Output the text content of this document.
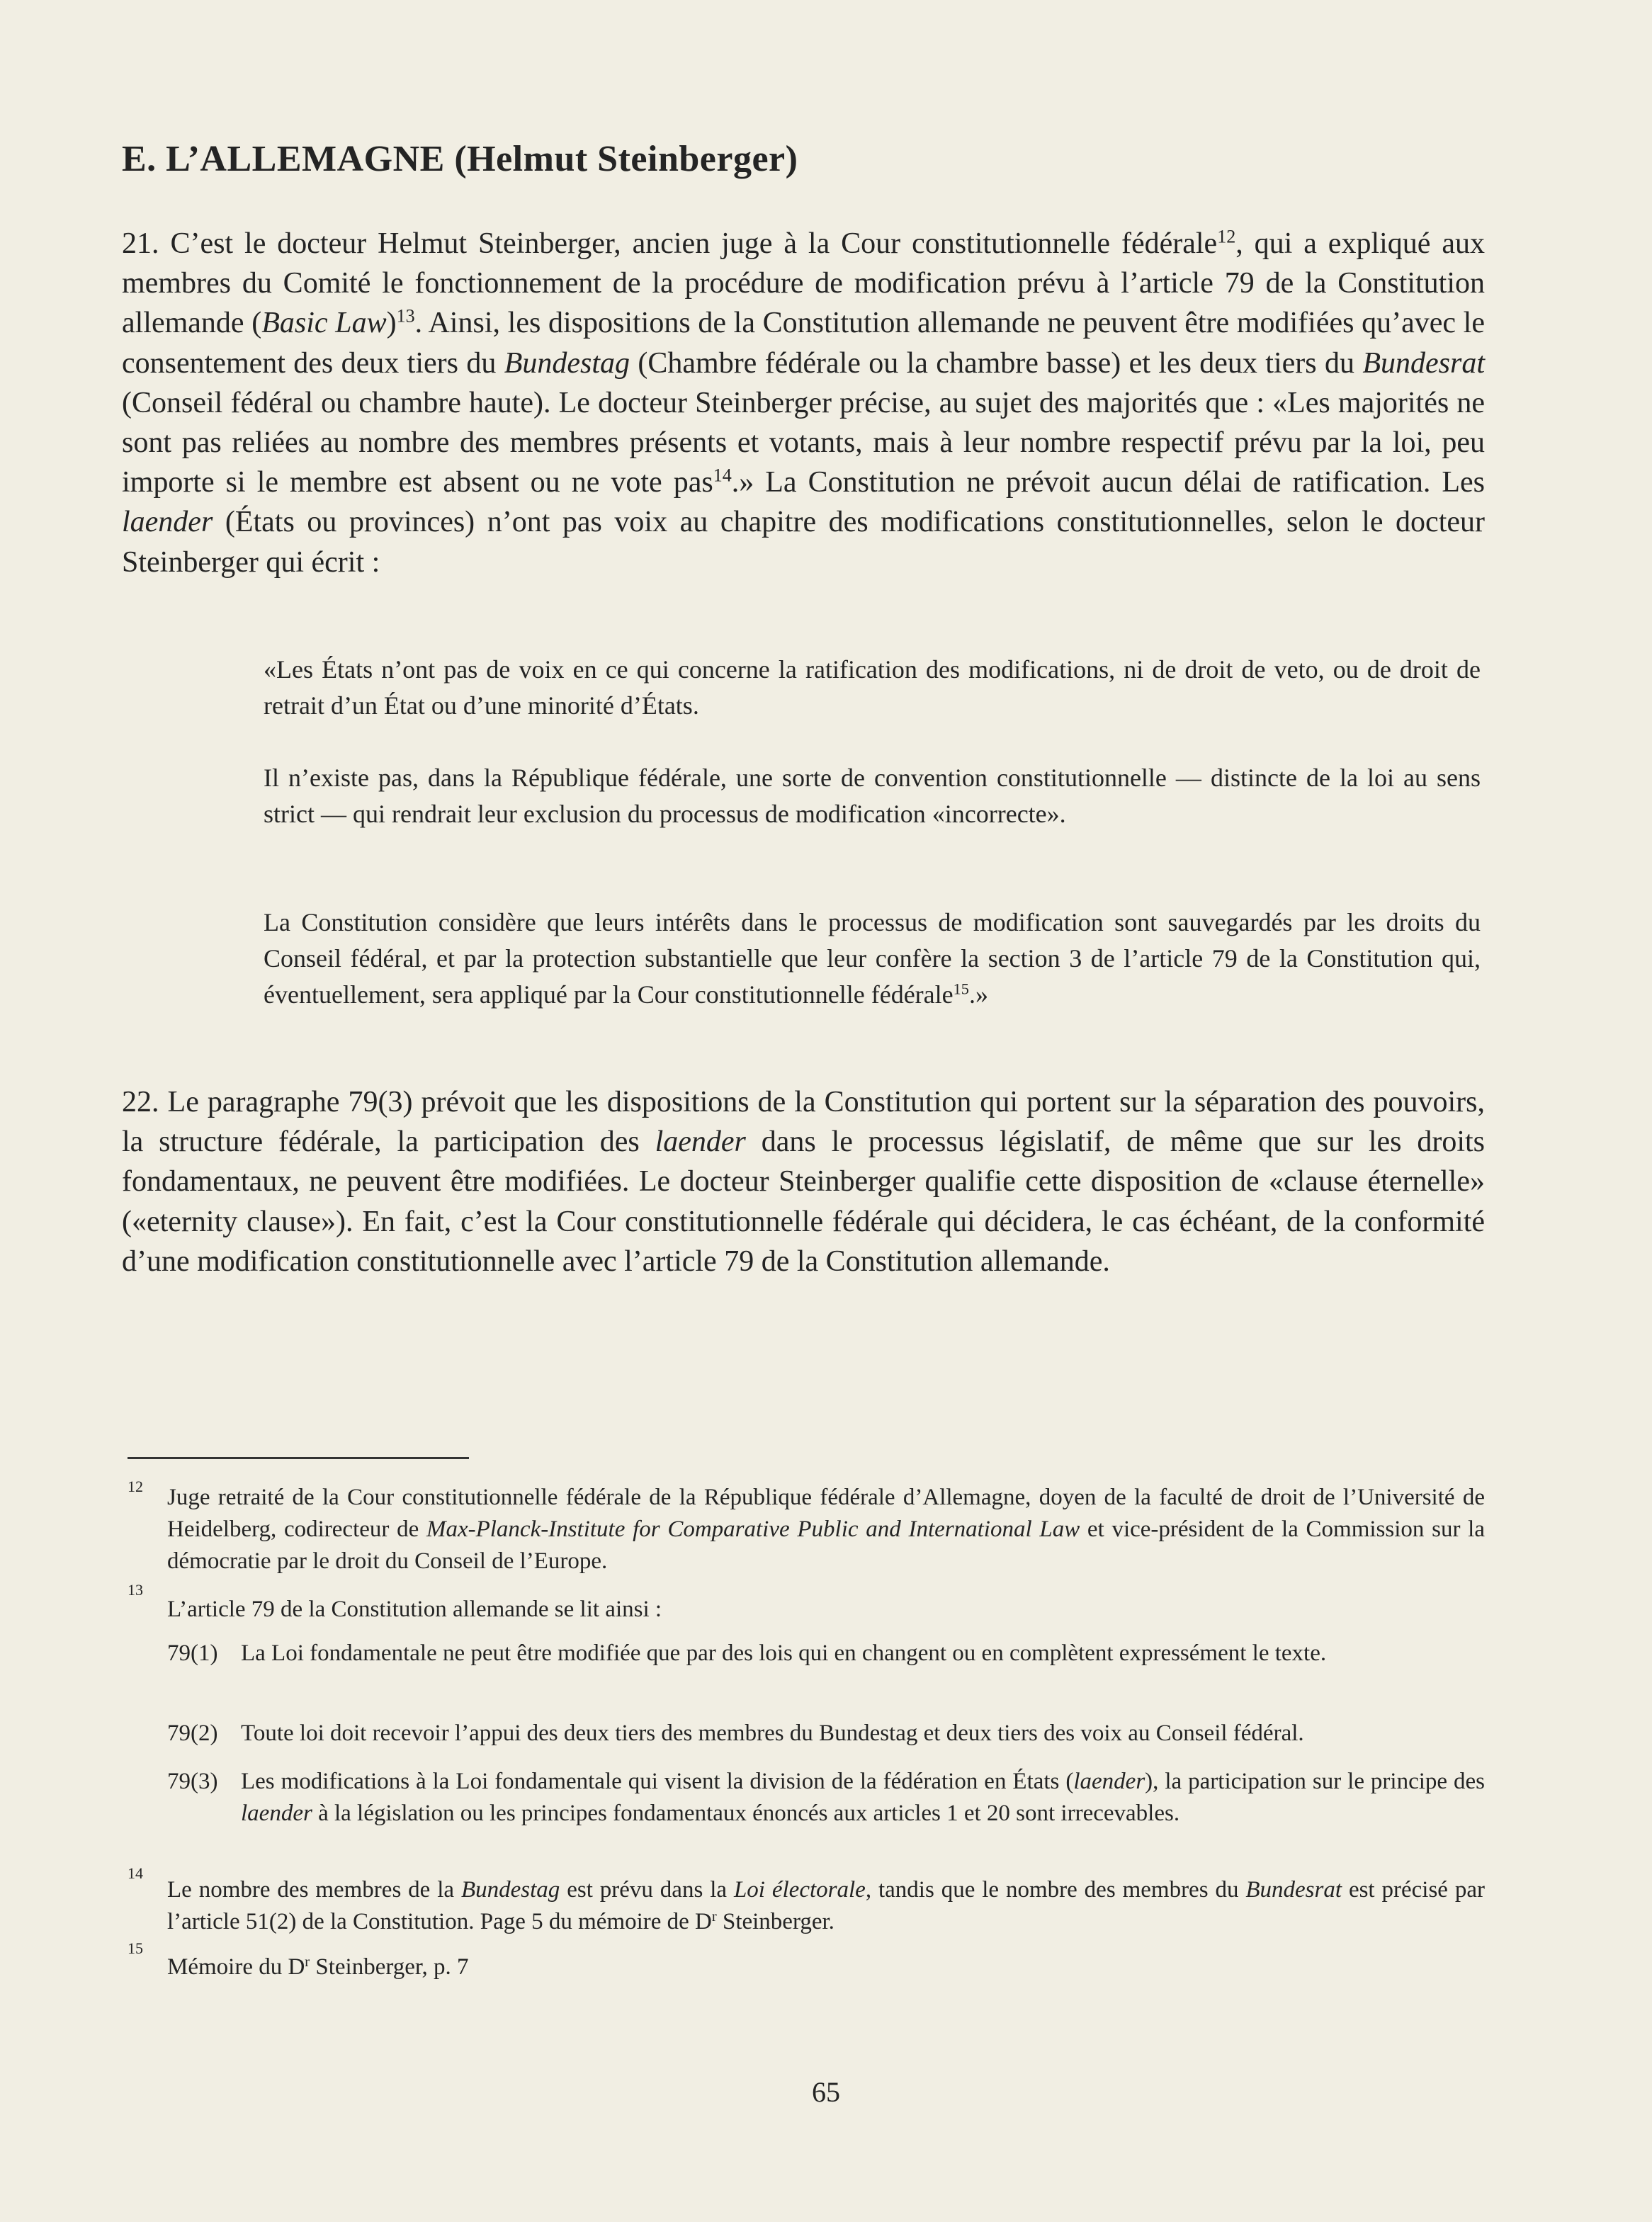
E. L’ALLEMAGNE (Helmut Steinberger)

21. C’est le docteur Helmut Steinberger, ancien juge à la Cour constitutionnelle fédérale$^{12}$, qui a expliqué aux membres du Comité le fonctionnement de la procédure de modification prévu à l’article 79 de la Constitution allemande (Basic Law)$^{13}$. Ainsi, les dispositions de la Constitution allemande ne peuvent être modifiées qu’avec le consentement des deux tiers du Bundestag (Chambre fédérale ou la chambre basse) et les deux tiers du Bundesrat (Conseil fédéral ou chambre haute). Le docteur Steinberger précise, au sujet des majorités que : «Les majorités ne sont pas reliées au nombre des membres présents et votants, mais à leur nombre respectif prévu par la loi, peu importe si le membre est absent ou ne vote pas$^{14}$.» La Constitution ne prévoit aucun délai de ratification. Les laender (États ou provinces) n’ont pas voix au chapitre des modifications constitutionnelles, selon le docteur Steinberger qui écrit :

«Les États n’ont pas de voix en ce qui concerne la ratification des modifications, ni de droit de veto, ou de droit de retrait d’un État ou d’une minorité d’États.

Il n’existe pas, dans la République fédérale, une sorte de convention constitutionnelle — distincte de la loi au sens strict — qui rendrait leur exclusion du processus de modification «incorrecte».

La Constitution considère que leurs intérêts dans le processus de modification sont sauvegardés par les droits du Conseil fédéral, et par la protection substantielle que leur confère la section 3 de l’article 79 de la Constitution qui, éventuellement, sera appliqué par la Cour constitutionnelle fédérale$^{15}$.»

22. Le paragraphe 79(3) prévoit que les dispositions de la Constitution qui portent sur la séparation des pouvoirs, la structure fédérale, la participation des laender dans le processus législatif, de même que sur les droits fondamentaux, ne peuvent être modifiées. Le docteur Steinberger qualifie cette disposition de «clause éternelle» («eternity clause»). En fait, c’est la Cour constitutionnelle fédérale qui décidera, le cas échéant, de la conformité d’une modification constitutionnelle avec l’article 79 de la Constitution allemande.

12 Juge retraité de la Cour constitutionnelle fédérale de la République fédérale d’Allemagne, doyen de la faculté de droit de l’Université de Heidelberg, codirecteur de Max-Planck-Institute for Comparative Public and International Law et vice-président de la Commission sur la démocratie par le droit du Conseil de l’Europe.

13

L’article 79 de la Constitution allemande se lit ainsi :

79(1) La Loi fondamentale ne peut être modifiée que par des lois qui en changent ou en complètent expressément le texte.
79(2) Toute loi doit recevoir l’appui des deux tiers des membres du Bundestag et deux tiers des voix au Conseil fédéral.
79(3) Les modifications à la Loi fondamentale qui visent la division de la fédération en États (laender), la participation sur le principe des laender à la législation ou les principes fondamentaux énoncés aux articles 1 et 20 sont irrecevables.
14

Le nombre des membres de la Bundestag est prévu dans la Loi électorale, tandis que le nombre des membres du Bundesrat est précisé par l’article 51(2) de la Constitution. Page 5 du mémoire de $D^r$ Steinberger.

15

Mémoire du $D^r$ Steinberger, p. 7

65
